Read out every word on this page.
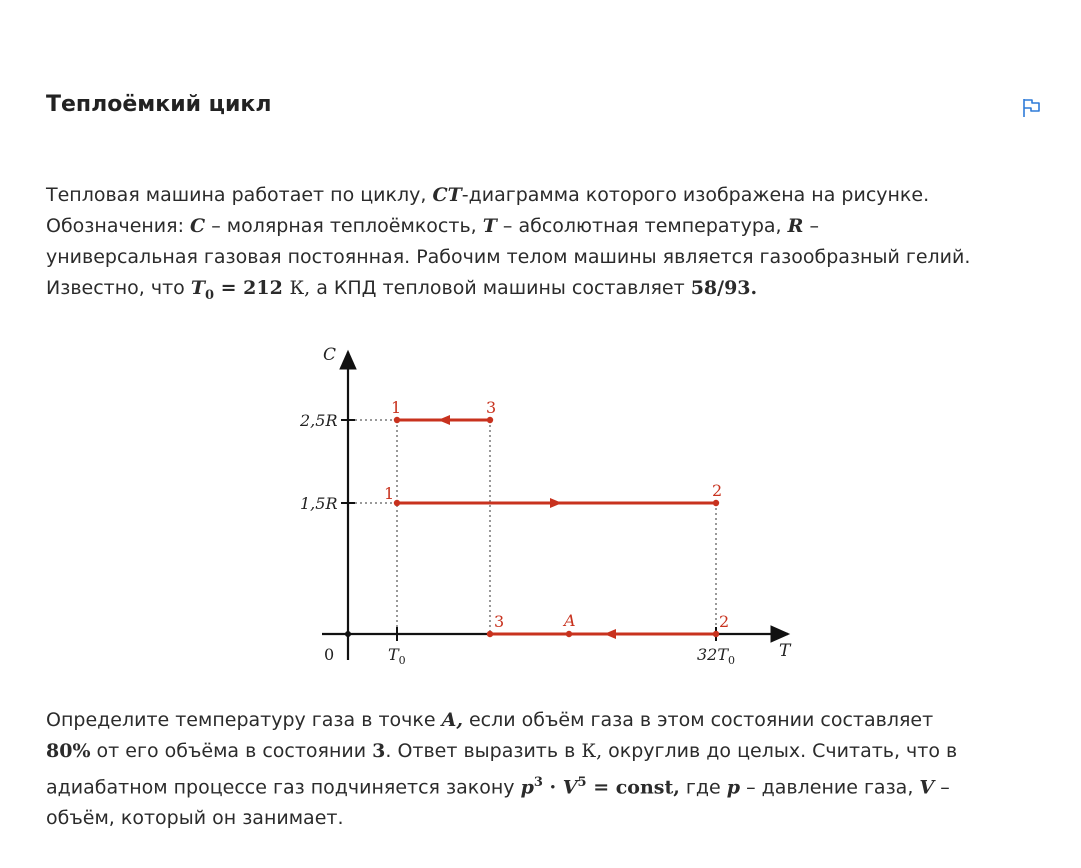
Теплоёмкий цикл
Тепловая машина работает по циклу, CT-диаграмма которого изображена на рисунке.
Обозначения: C – молярная теплоёмкость, T – абсолютная температура, R –
универсальная газовая постоянная. Рабочим телом машины является газообразный гелий.
Известно, что $T_0 = 212$ К, а КПД тепловой машины составляет 58/93.
C
T
0
2,5R
1,5R
$T_0$	$32T_0$
1	3
1	2
3	A	2
Определите температуру газа в точке A, если объём газа в этом состоянии составляет
80% от его объёма в состоянии 3. Ответ выразить в К, округлив до целых. Считать, что в
адиабатном процессе газ подчиняется закону $p^3 \cdot V^5$ = const, где p – давление газа, V –
объём, который он занимает.
